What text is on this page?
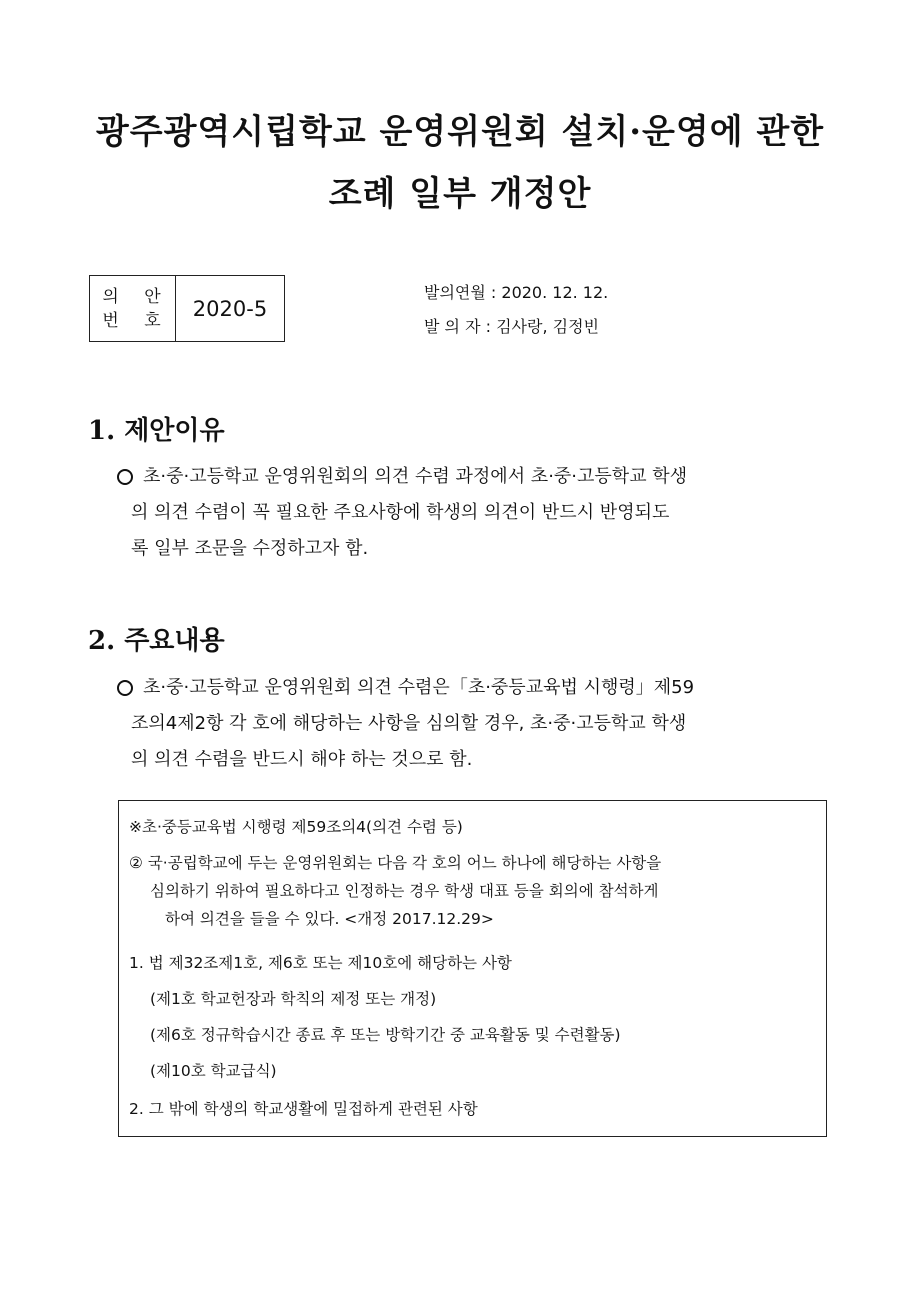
광주광역시립학교 운영위원회 설치·운영에 관한
조례 일부 개정안
의 안
번 호	2020-5
발의연월 : 2020. 12. 12.
발 의 자 : 김사랑, 김정빈
1. 제안이유
초·중·고등학교 운영위원회의 의견 수렴 과정에서 초·중·고등학교 학생
의 의견 수렴이 꼭 필요한 주요사항에 학생의 의견이 반드시 반영되도
록 일부 조문을 수정하고자 함.
2. 주요내용
초·중·고등학교 운영위원회 의견 수렴은「초·중등교육법 시행령」제59
조의4제2항 각 호에 해당하는 사항을 심의할 경우, 초·중·고등학교 학생
의 의견 수렴을 반드시 해야 하는 것으로 함.
※초·중등교육법 시행령 제59조의4(의견 수렴 등)
② 국·공립학교에 두는 운영위원회는 다음 각 호의 어느 하나에 해당하는 사항을
심의하기 위하여 필요하다고 인정하는 경우 학생 대표 등을 회의에 참석하게
하여 의견을 들을 수 있다. <개정 2017.12.29>
1. 법 제32조제1호, 제6호 또는 제10호에 해당하는 사항
(제1호 학교헌장과 학칙의 제정 또는 개정)
(제6호 정규학습시간 종료 후 또는 방학기간 중 교육활동 및 수련활동)
(제10호 학교급식)
2. 그 밖에 학생의 학교생활에 밀접하게 관련된 사항
